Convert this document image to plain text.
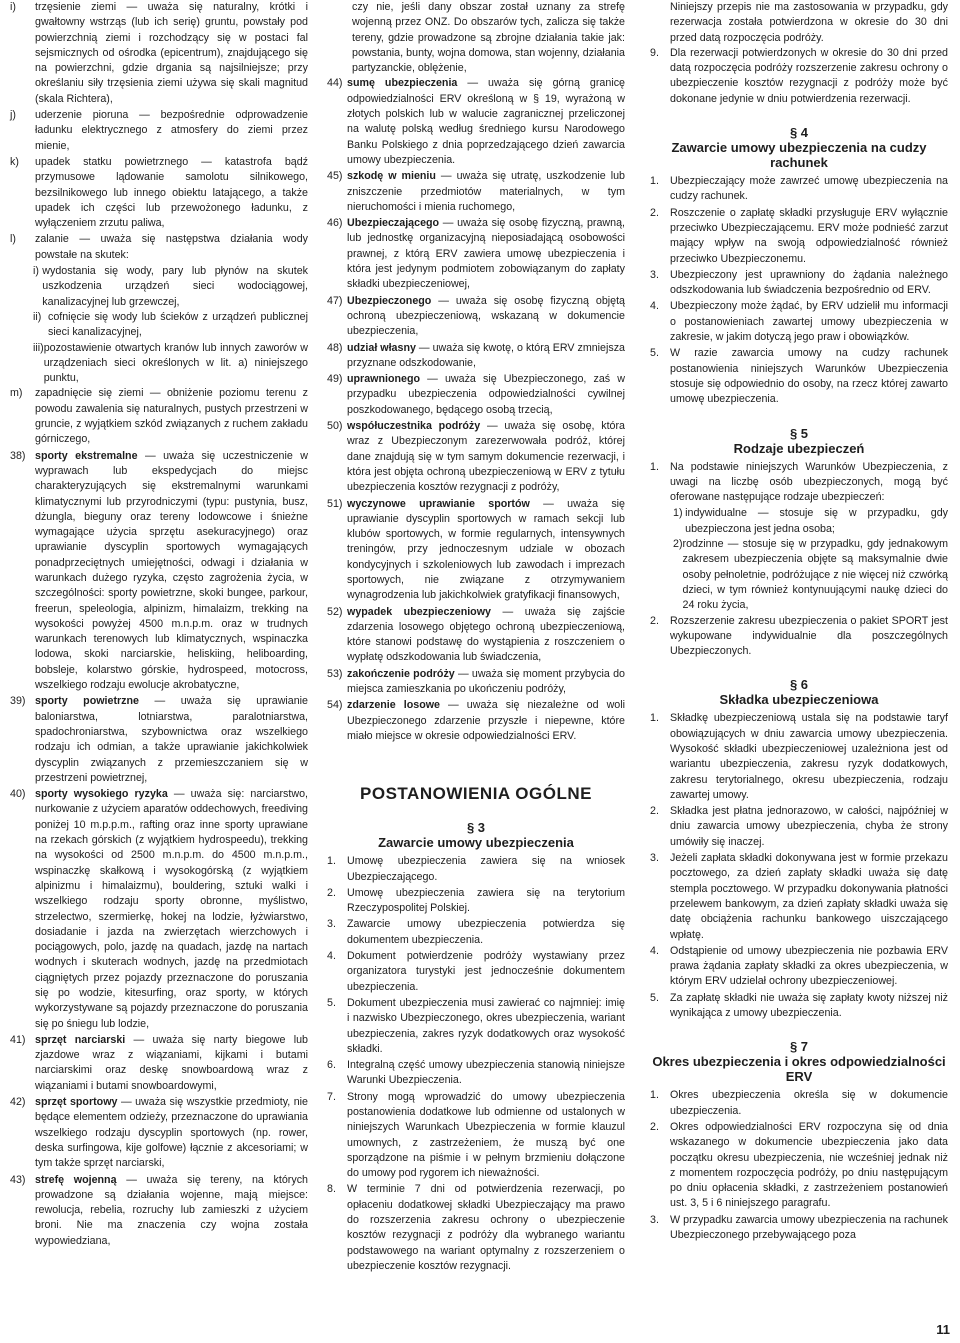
i)	trzęsienie ziemi — uważa się naturalny, krótki i gwałtowny wstrząs (lub ich serię) gruntu, powstały pod powierzchnią ziemi i rozchodzący się w postaci fal sejsmicznych od ośrodka (epicentrum), znajdującego się na powierzchni, gdzie drgania są najsilniejsze; przy określaniu siły trzęsienia ziemi używa się skali magnitud (skala Richtera),
j)	uderzenie pioruna — bezpośrednie odprowadzenie ładunku elektrycznego z atmosfery do ziemi przez mienie,
k)	upadek statku powietrznego — katastrofa bądź przymusowe lądowanie samolotu silnikowego, bezsilnikowego lub innego obiektu latającego, a także upadek ich części lub przewożonego ładunku, z wyłączeniem zrzutu paliwa,
l)	zalanie — uważa się następstwa działania wody powstałe na skutek:
i) wydostania się wody, pary lub płynów na skutek uszkodzenia urządzeń sieci wodociągowej, kanalizacyjnej lub grzewczej,
ii) cofnięcie się wody lub ścieków z urządzeń publicznej sieci kanalizacyjnej,
iii) pozostawienie otwartych kranów lub innych zaworów w urządzeniach sieci określonych w lit. a) niniejszego punktu,
m)	zapadnięcie się ziemi — obniżenie poziomu terenu z powodu zawalenia się naturalnych, pustych przestrzeni w gruncie, z wyjątkiem szkód związanych z ruchem zakładu górniczego,
38) sporty ekstremalne — uważa się uczestniczenie w wyprawach lub ekspedycjach do miejsc charakteryzujących się ekstremalnymi warunkami klimatycznymi lub przyrodniczymi (typu: pustynia, busz, dżungla, bieguny oraz tereny lodowcowe i śnieżne wymagające użycia sprzętu asekuracyjnego) oraz uprawianie dyscyplin sportowych wymagających ponadprzeciętnych umiejętności, odwagi i działania w warunkach dużego ryzyka, często zagrożenia życia, w szczególności: sporty powietrzne, skoki bungee, parkour, freerun, speleologia, alpinizm, himalaizm, trekking na wysokości powyżej 4500 m.n.p.m. oraz w trudnych warunkach terenowych lub klimatycznych, wspinaczka lodowa, skoki narciarskie, heliskiing, heliboarding, bobsleje, kolarstwo górskie, hydrospeed, motocross, wszelkiego rodzaju ewolucje akrobatyczne,
39) sporty powietrzne — uważa się uprawianie baloniarstwa, lotniarstwa, paralotniarstwa, spadochroniarstwa, szybownictwa oraz wszelkiego rodzaju ich odmian, a także uprawianie jakichkolwiek dyscyplin związanych z przemieszczaniem się w przestrzeni powietrznej,
40) sporty wysokiego ryzyka — uważa się: narciarstwo, nurkowanie z użyciem aparatów oddechowych, freediving poniżej 10 m.p.p.m., rafting oraz inne sporty uprawiane na rzekach górskich (z wyjątkiem hydrospeedu), trekking na wysokości od 2500 m.n.p.m. do 4500 m.n.p.m., wspinaczkę skałkową i wysokogórską (z wyjątkiem alpinizmu i himalaizmu), bouldering, sztuki walki i wszelkiego rodzaju sporty obronne, myślistwo, strzelectwo, szermierkę, hokej na lodzie, łyżwiarstwo, dosiadanie i jazda na zwierzętach wierzchowych i pociągowych, polo, jazdę na quadach, jazdę na nartach wodnych i skuterach wodnych, jazdę na przedmiotach ciągniętych przez pojazdy przeznaczone do poruszania się po wodzie, kitesurfing, oraz sporty, w których wykorzystywane są pojazdy przeznaczone do poruszania się po śniegu lub lodzie,
41) sprzęt narciarski — uważa się narty biegowe lub zjazdowe wraz z wiązaniami, kijkami i butami narciarskimi oraz deskę snowboardową wraz z wiązaniami i butami snowboardowymi,
42) sprzęt sportowy — uważa się wszystkie przedmioty, nie będące elementem odzieży, przeznaczone do uprawiania wszelkiego rodzaju dyscyplin sportowych (np. rower, deska surfingowa, kije golfowe) łącznie z akcesoriami; w tym także sprzęt narciarski,
43) strefę wojenną — uważa się tereny, na których prowadzone są działania wojenne, mają miejsce: rewolucja, rebelia, rozruchy lub zamieszki z użyciem broni. Nie ma znaczenia czy wojna została wypowiedziana,
czy nie, jeśli dany obszar został uznany za strefę wojenną przez ONZ. Do obszarów tych, zalicza się także tereny, gdzie prowadzone są zbrojne działania takie jak: powstania, bunty, wojna domowa, stan wojenny, działania partyzanckie, oblężenie,
44) sumę ubezpieczenia — uważa się górną granicę odpowiedzialności ERV określoną w § 19, wyrażoną w złotych polskich lub w walucie zagranicznej przeliczonej na walutę polską według średniego kursu Narodowego Banku Polskiego z dnia poprzedzającego dzień zawarcia umowy ubezpieczenia.
45) szkodę w mieniu — uważa się utratę, uszkodzenie lub zniszczenie przedmiotów materialnych, w tym nieruchomości i mienia ruchomego,
46) Ubezpieczającego — uważa się osobę fizyczną, prawną, lub jednostkę organizacyjną nieposiadającą osobowości prawnej, z którą ERV zawiera umowę ubezpieczenia i która jest jedynym podmiotem zobowiązanym do zapłaty składki ubezpieczeniowej,
47) Ubezpieczonego — uważa się osobę fizyczną objętą ochroną ubezpieczeniową, wskazaną w dokumencie ubezpieczenia,
48) udział własny — uważa się kwotę, o którą ERV zmniejsza przyznane odszkodowanie,
49) uprawnionego — uważa się Ubezpieczonego, zaś w przypadku ubezpieczenia odpowiedzialności cywilnej poszkodowanego, będącego osobą trzecią,
50) współuczestnika podróży — uważa się osobę, która wraz z Ubezpieczonym zarezerwowała podróż, której dane znajdują się w tym samym dokumencie rezerwacji, i która jest objęta ochroną ubezpieczeniową w ERV z tytułu ubezpieczenia kosztów rezygnacji z podróży,
51) wyczynowe uprawianie sportów — uważa się uprawianie dyscyplin sportowych w ramach sekcji lub klubów sportowych, w formie regularnych, intensywnych treningów, przy jednoczesnym udziale w obozach kondycyjnych i szkoleniowych lub zawodach i imprezach sportowych, nie związane z otrzymywaniem wynagrodzenia lub jakichkolwiek gratyfikacji finansowych,
52) wypadek ubezpieczeniowy — uważa się zajście zdarzenia losowego objętego ochroną ubezpieczeniową, które stanowi podstawę do wystąpienia z roszczeniem o wypłatę odszkodowania lub świadczenia,
53) zakończenie podróży — uważa się moment przybycia do miejsca zamieszkania po ukończeniu podróży,
54) zdarzenie losowe — uważa się niezależne od woli Ubezpieczonego zdarzenie przyszłe i niepewne, które miało miejsce w okresie odpowiedzialności ERV.
POSTANOWIENIA OGÓLNE
§ 3
Zawarcie umowy ubezpieczenia
1.	Umowę ubezpieczenia zawiera się na wniosek Ubezpieczającego.
2.	Umowę ubezpieczenia zawiera się na terytorium Rzeczypospolitej Polskiej.
3.	Zawarcie umowy ubezpieczenia potwierdza się dokumentem ubezpieczenia.
4.	Dokument potwierdzenie podróży wystawiany przez organizatora turystyki jest jednocześnie dokumentem ubezpieczenia.
5.	Dokument ubezpieczenia musi zawierać co najmniej: imię i nazwisko Ubezpieczonego, okres ubezpieczenia, wariant ubezpieczenia, zakres ryzyk dodatkowych oraz wysokość składki.
6.	Integralną część umowy ubezpieczenia stanowią niniejsze Warunki Ubezpieczenia.
7.	Strony mogą wprowadzić do umowy ubezpieczenia postanowienia dodatkowe lub odmienne od ustalonych w niniejszych Warunkach Ubezpieczenia w formie klauzul umownych, z zastrzeżeniem, że muszą być one sporządzone na piśmie i w pełnym brzmieniu dołączone do umowy pod rygorem ich nieważności.
8.	W terminie 7 dni od potwierdzenia rezerwacji, po opłaceniu dodatkowej składki Ubezpieczający ma prawo do rozszerzenia zakresu ochrony o ubezpieczenie kosztów rezygnacji z podróży dla wybranego wariantu podstawowego na wariant optymalny z rozszerzeniem o ubezpieczenie kosztów rezygnacji.
Niniejszy przepis nie ma zastosowania w przypadku, gdy rezerwacja została potwierdzona w okresie do 30 dni przed datą rozpoczęcia podróży.
9.	Dla rezerwacji potwierdzonych w okresie do 30 dni przed datą rozpoczęcia podróży rozszerzenie zakresu ochrony o ubezpieczenie kosztów rezygnacji z podróży może być dokonane jedynie w dniu potwierdzenia rezerwacji.
§ 4
Zawarcie umowy ubezpieczenia na cudzy rachunek
1.	Ubezpieczający może zawrzeć umowę ubezpieczenia na cudzy rachunek.
2.	Roszczenie o zapłatę składki przysługuje ERV wyłącznie przeciwko Ubezpieczającemu. ERV może podnieść zarzut mający wpływ na swoją odpowiedzialność również przeciwko Ubezpieczonemu.
3.	Ubezpieczony jest uprawniony do żądania należnego odszkodowania lub świadczenia bezpośrednio od ERV.
4.	Ubezpieczony może żądać, by ERV udzielił mu informacji o postanowieniach zawartej umowy ubezpieczenia w zakresie, w jakim dotyczą jego praw i obowiązków.
5.	W razie zawarcia umowy na cudzy rachunek postanowienia niniejszych Warunków Ubezpieczenia stosuje się odpowiednio do osoby, na rzecz której zawarto umowę ubezpieczenia.
§ 5
Rodzaje ubezpieczeń
1.	Na podstawie niniejszych Warunków Ubezpieczenia, z uwagi na liczbę osób ubezpieczonych, mogą być oferowane następujące rodzaje ubezpieczeń:
1) indywidualne — stosuje się w przypadku, gdy ubezpieczona jest jedna osoba;
2) rodzinne — stosuje się w przypadku, gdy jednakowym zakresem ubezpieczenia objęte są maksymalnie dwie osoby pełnoletnie, podróżujące z nie więcej niż czwórką dzieci, w tym również kontynuującymi naukę dzieci do 24 roku życia,
2.	Rozszerzenie zakresu ubezpieczenia o pakiet SPORT jest wykupowane indywidualnie dla poszczególnych Ubezpieczonych.
§ 6
Składka ubezpieczeniowa
1.	Składkę ubezpieczeniową ustala się na podstawie taryf obowiązujących w dniu zawarcia umowy ubezpieczenia. Wysokość składki ubezpieczeniowej uzależniona jest od wariantu ubezpieczenia, zakresu ryzyk dodatkowych, zakresu terytorialnego, okresu ubezpieczenia, rodzaju zawartej umowy.
2.	Składka jest płatna jednorazowo, w całości, najpóźniej w dniu zawarcia umowy ubezpieczenia, chyba że strony umówiły się inaczej.
3.	Jeżeli zapłata składki dokonywana jest w formie przekazu pocztowego, za dzień zapłaty składki uważa się datę stempla pocztowego. W przypadku dokonywania płatności przelewem bankowym, za dzień zapłaty składki uważa się datę obciążenia rachunku bankowego uiszczającego wpłatę.
4.	Odstąpienie od umowy ubezpieczenia nie pozbawia ERV prawa żądania zapłaty składki za okres ubezpieczenia, w którym ERV udzielał ochrony ubezpieczeniowej.
5.	Za zapłatę składki nie uważa się zapłaty kwoty niższej niż wynikająca z umowy ubezpieczenia.
§ 7
Okres ubezpieczenia i okres odpowiedzialności ERV
1.	Okres ubezpieczenia określa się w dokumencie ubezpieczenia.
2.	Okres odpowiedzialności ERV rozpoczyna się od dnia wskazanego w dokumencie ubezpieczenia jako data początku okresu ubezpieczenia, nie wcześniej jednak niż z momentem rozpoczęcia podróży, po dniu następującym po dniu opłacenia składki, z zastrzeżeniem postanowień ust. 3, 5 i 6 niniejszego paragrafu.
3.	W przypadku zawarcia umowy ubezpieczenia na rachunek Ubezpieczonego przebywającego poza
11
